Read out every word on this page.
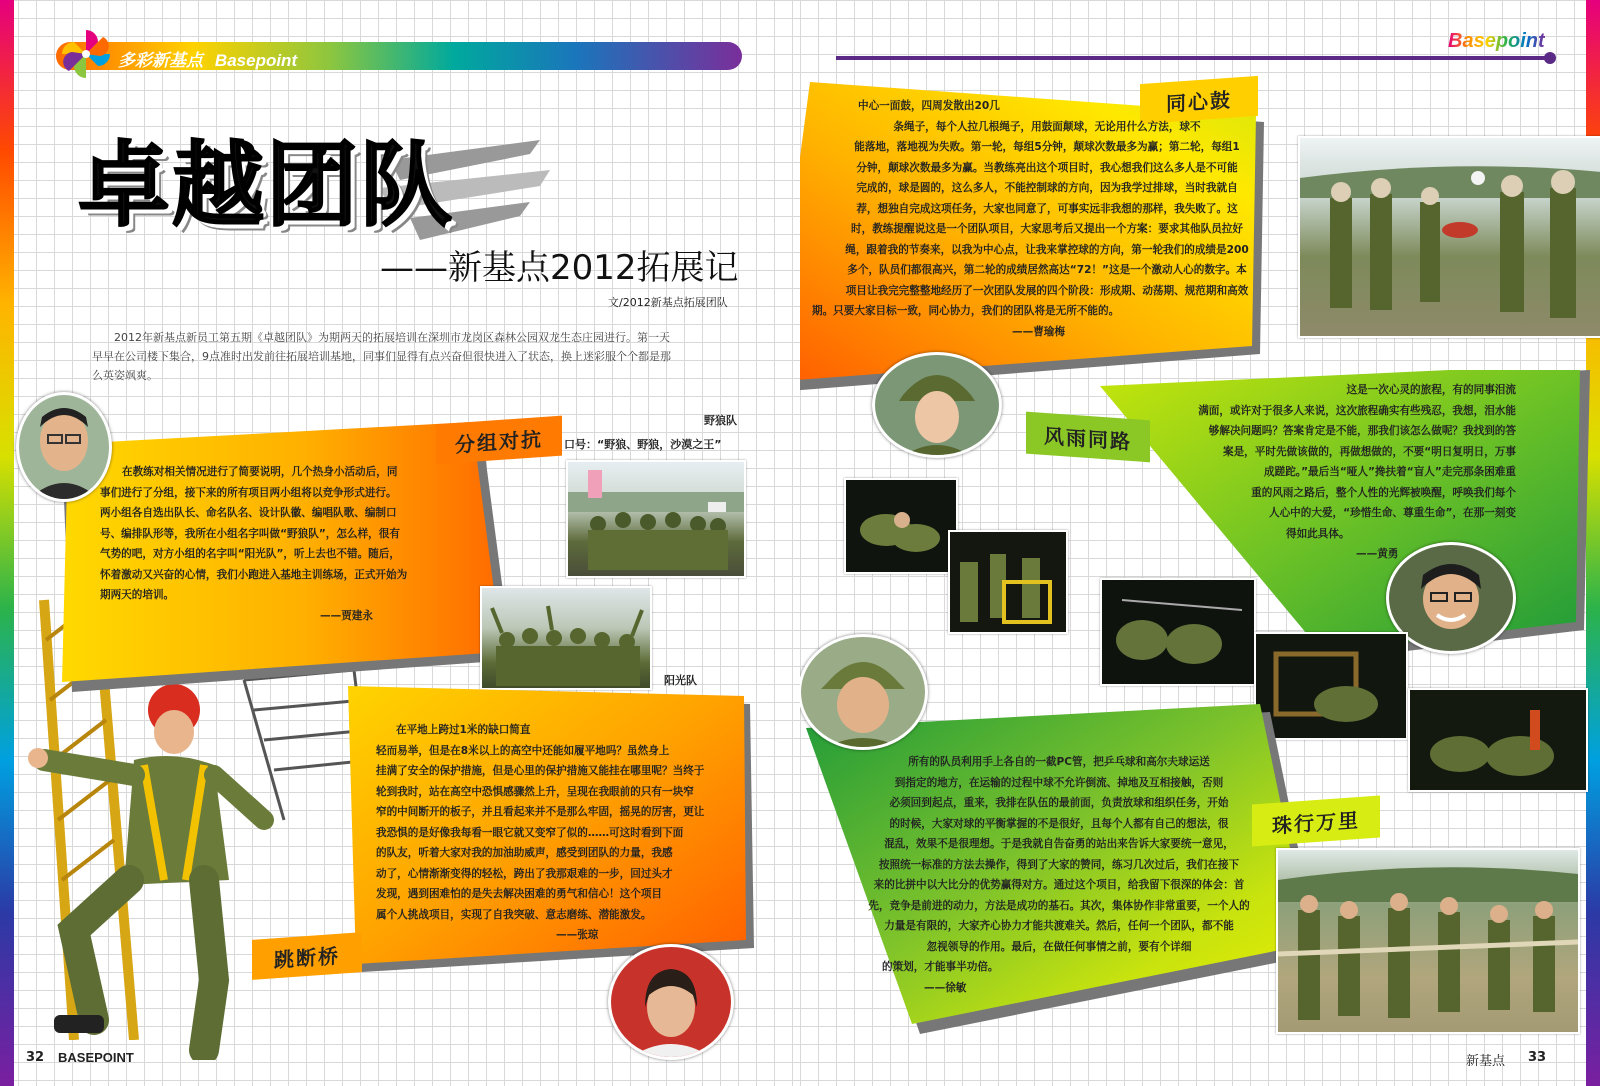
多彩新基点 Basepoint
卓越团队
——新基点2012拓展记
文/2012新基点拓展团队
2012年新基点新员工第五期《卓越团队》为期两天的拓展培训在深圳市龙岗区森林公园双龙生态庄园进行。第一天
早早在公司楼下集合，9点准时出发前往拓展培训基地，同事们显得有点兴奋但很快进入了状态，换上迷彩服个个都是那
么英姿飒爽。
分组对抗
在教练对相关情况进行了简要说明，几个热身小活动后，同
事们进行了分组，接下来的所有项目两小组将以竞争形式进行。
两小组各自选出队长、命名队名、设计队徽、编唱队歌、编制口
号、编排队形等，我所在小组名字叫做“野狼队”，怎么样，很有
气势的吧，对方小组的名字叫“阳光队”，听上去也不错。随后，
怀着激动又兴奋的心情，我们小跑进入基地主训练场，正式开始为
期两天的培训。
——贾建永
野狼队
口号：“野狼、野狼，沙漠之王”
阳光队
在平地上跨过1米的缺口简直
轻而易举，但是在8米以上的高空中还能如履平地吗？虽然身上
挂满了安全的保护措施，但是心里的保护措施又能挂在哪里呢？当终于
轮到我时，站在高空中恐惧感骤然上升，呈现在我眼前的只有一块窄
窄的中间断开的板子，并且看起来并不是那么牢固，摇晃的厉害，更让
我恐惧的是好像我每看一眼它就又变窄了似的……可这时看到下面
的队友，听着大家对我的加油助威声，感受到团队的力量，我感
动了，心情渐渐变得的轻松，跨出了我那艰难的一步，回过头才
发现，遇到困难怕的是失去解决困难的勇气和信心！这个项目
属个人挑战项目，实现了自我突破、意志磨练、潜能激发。
——张琼
跳断桥
32 BASEPOINT
Basepoint
同心鼓
中心一面鼓，四周发散出20几
条绳子，每个人拉几根绳子，用鼓面颠球，无论用什么方法，球不
能落地，落地视为失败。第一轮，每组5分钟，颠球次数最多为赢；第二轮，每组1
分钟，颠球次数最多为赢。当教练亮出这个项目时，我心想我们这么多人是不可能
完成的，球是圆的，这么多人，不能控制球的方向，因为我学过排球，当时我就自
荐，想独自完成这项任务，大家也同意了，可事实远非我想的那样，我失败了。这
时，教练提醒说这是一个团队项目，大家思考后又提出一个方案：要求其他队员拉好
绳，跟着我的节奏来，以我为中心点，让我来掌控球的方向，第一轮我们的成绩是200
多个，队员们都很高兴，第二轮的成绩居然高达“72！”这是一个激动人心的数字。本
项目让我完完整整地经历了一次团队发展的四个阶段：形成期、动荡期、规范期和高效
期。只要大家目标一致，同心协力，我们的团队将是无所不能的。
——曹瑜梅
风雨同路
这是一次心灵的旅程，有的同事泪流
满面，或许对于很多人来说，这次旅程确实有些残忍，我想，泪水能
够解决问题吗？答案肯定是不能，那我们该怎么做呢？我找到的答
案是，平时先做该做的，再做想做的，不要“明日复明日，万事
成蹉跎。”最后当“哑人”搀扶着“盲人”走完那条困难重
重的风雨之路后，整个人性的光辉被唤醒，呼唤我们每个
人心中的大爱，“珍惜生命、尊重生命”，在那一刻变
得如此具体。
——黄勇
珠行万里
所有的队员利用手上各自的一截PC管，把乒乓球和高尔夫球运送
到指定的地方，在运输的过程中球不允许倒流、掉地及互相接触，否则
必须回到起点，重来，我排在队伍的最前面，负责放球和组织任务，开始
的时候，大家对球的平衡掌握的不是很好，且每个人都有自己的想法，很
混乱，效果不是很理想。于是我就自告奋勇的站出来告诉大家要统一意见，
按照统一标准的方法去操作，得到了大家的赞同，练习几次过后，我们在接下
来的比拼中以大比分的优势赢得对方。通过这个项目，给我留下很深的体会：首
先，竞争是前进的动力，方法是成功的基石。其次，集体协作非常重要，一个人的
力量是有限的，大家齐心协力才能共渡难关。然后，任何一个团队，都不能
忽视领导的作用。最后，在做任何事情之前，要有个详细
的策划，才能事半功倍。
——徐敏
新基点 33
